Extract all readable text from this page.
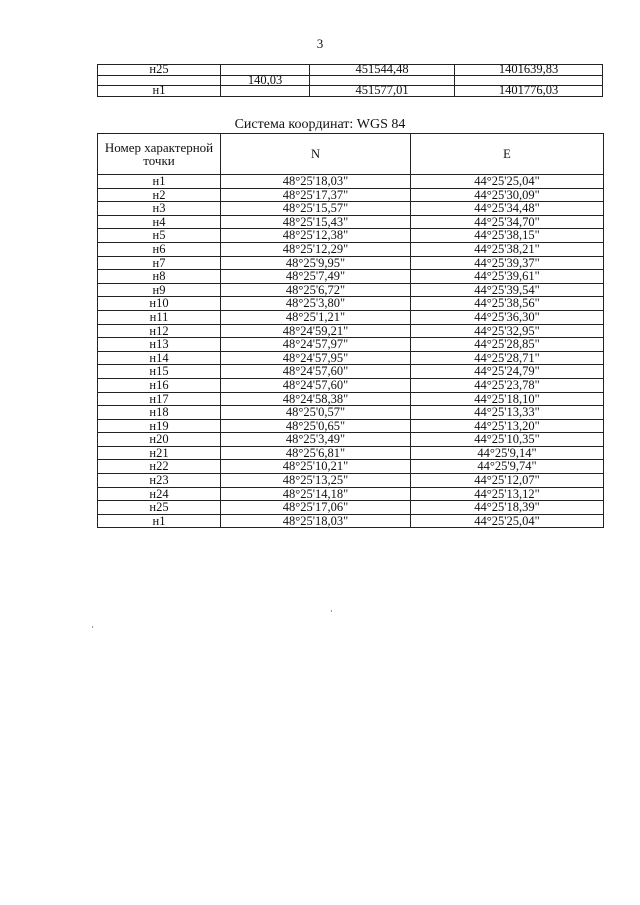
3
н25		451544,48	1401639,83
	140,03		
н1		451577,01	1401776,03
Система координат: WGS 84
Номер характерной точки	N	E
н1	48°25'18,03"	44°25'25,04"
н2	48°25'17,37"	44°25'30,09"
н3	48°25'15,57"	44°25'34,48"
н4	48°25'15,43"	44°25'34,70"
н5	48°25'12,38"	44°25'38,15"
н6	48°25'12,29"	44°25'38,21"
н7	48°25'9,95"	44°25'39,37"
н8	48°25'7,49"	44°25'39,61"
н9	48°25'6,72"	44°25'39,54"
н10	48°25'3,80"	44°25'38,56"
н11	48°25'1,21"	44°25'36,30"
н12	48°24'59,21"	44°25'32,95"
н13	48°24'57,97"	44°25'28,85"
н14	48°24'57,95"	44°25'28,71"
н15	48°24'57,60"	44°25'24,79"
н16	48°24'57,60"	44°25'23,78"
н17	48°24'58,38"	44°25'18,10"
н18	48°25'0,57"	44°25'13,33"
н19	48°25'0,65"	44°25'13,20"
н20	48°25'3,49"	44°25'10,35"
н21	48°25'6,81"	44°25'9,14"
н22	48°25'10,21"	44°25'9,74"
н23	48°25'13,25"	44°25'12,07"
н24	48°25'14,18"	44°25'13,12"
н25	48°25'17,06"	44°25'18,39"
н1	48°25'18,03"	44°25'25,04"
